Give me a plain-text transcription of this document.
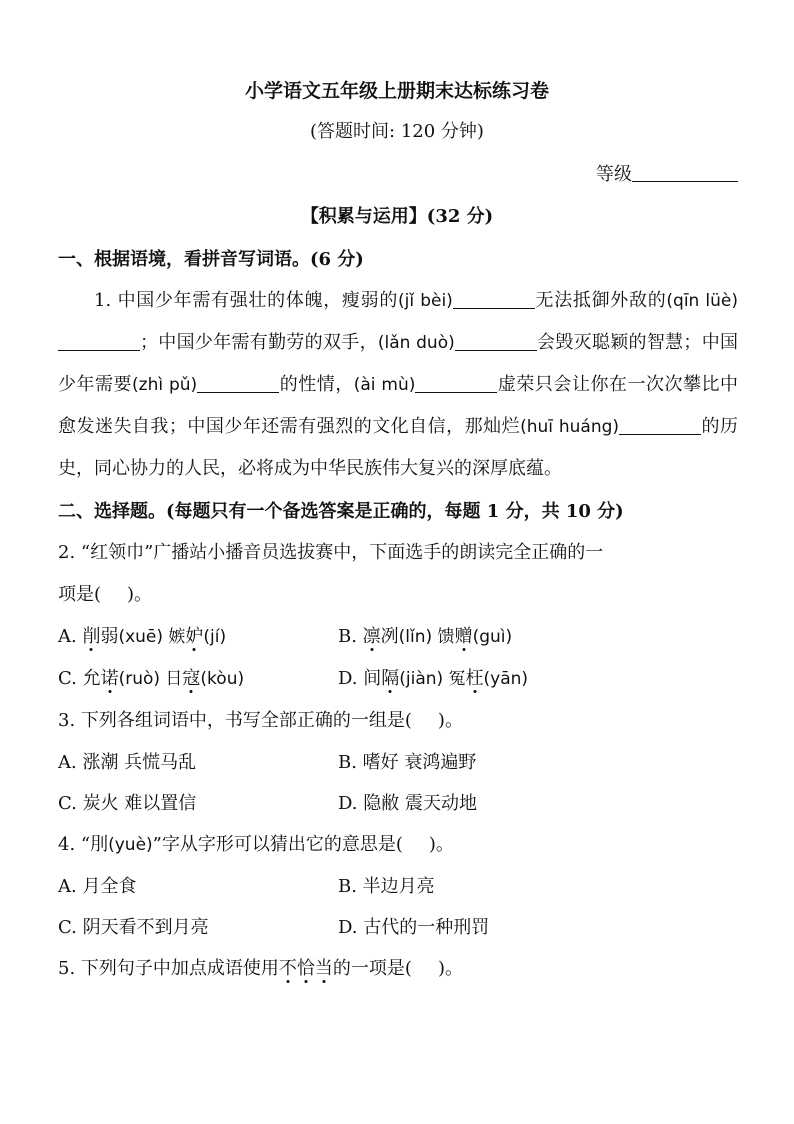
小学语文五年级上册期末达标练习卷
(答题时间: 120 分钟)
等级
【积累与运用】(32 分)
一、根据语境，看拼音写词语。(6 分)
1. 中国少年需有强壮的体魄，瘦弱的(jǐ bèi)	无法抵御外敌的(qīn lüè)；中国少年需有勤劳的双手，(lǎn duò)	会毁灭聪颖的智慧；中国少年需要(zhì pǔ)	的性情，(ài mù)	虚荣只会让你在一次次攀比中愈发迷失自我；中国少年还需有强烈的文化自信，那灿烂(huī huáng)	的历史，同心协力的人民，必将成为中华民族伟大复兴的深厚底蕴。
二、选择题。(每题只有一个备选答案是正确的，每题 1 分，共 10 分)
2. “红领巾”广播站小播音员选拔赛中，下面选手的朗读完全正确的一
项是( )。
A. 削弱(xuē) 嫉妒(jí)	B. 凛冽(lǐn) 馈赠(guì)
C. 允诺(ruò) 日寇(kòu)	D. 间隔(jiàn) 冤枉(yān)
3. 下列各组词语中，书写全部正确的一组是( )。
A. 涨潮 兵慌马乱	B. 嗜好 衰鸿遍野
C. 炭火 难以置信	D. 隐敝 震天动地
4. “刖(yuè)”字从字形可以猜出它的意思是( )。
A. 月全食	B. 半边月亮
C. 阴天看不到月亮	D. 古代的一种刑罚
5. 下列句子中加点成语使用不恰当的一项是( )。
